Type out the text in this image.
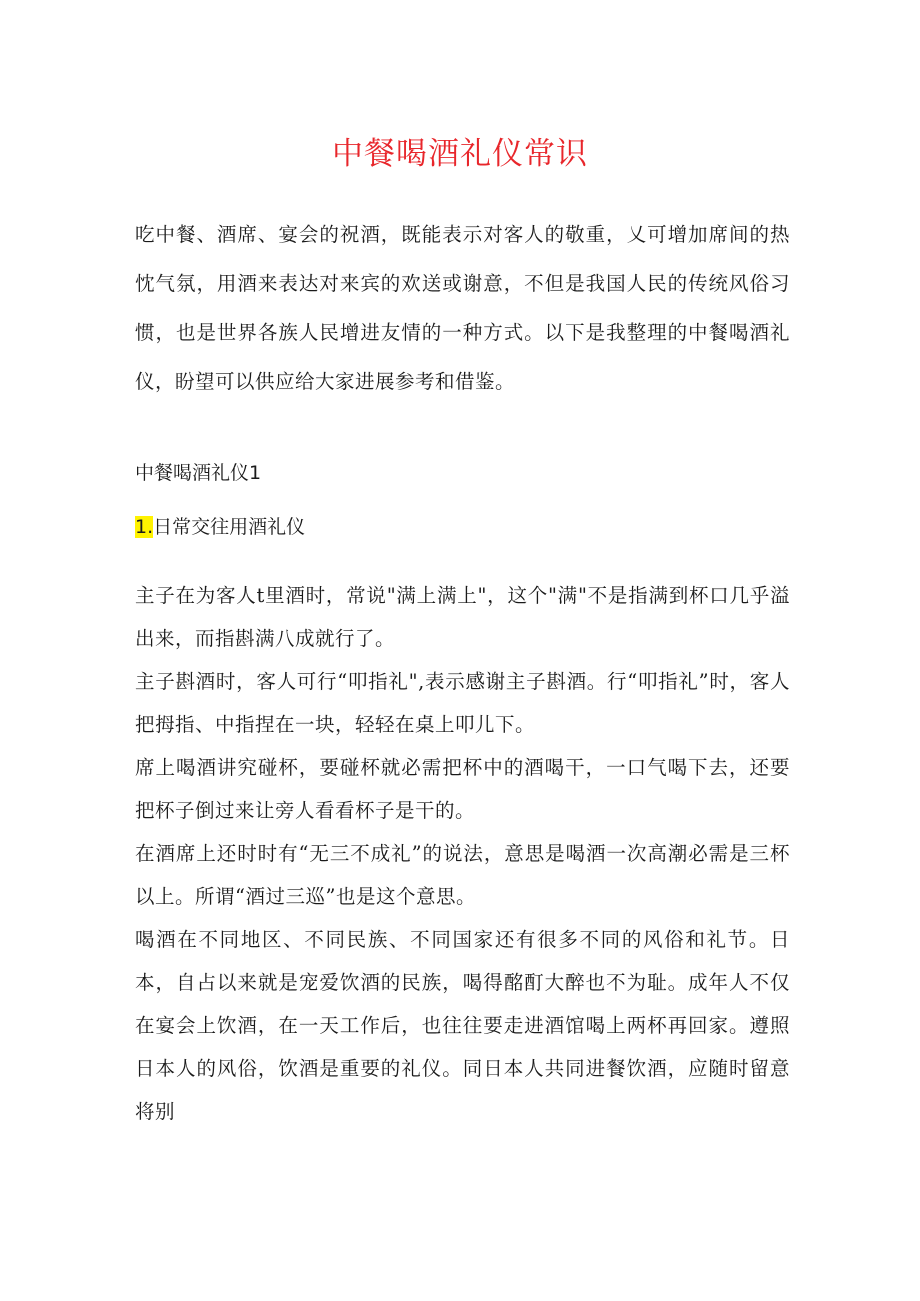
中餐喝酒礼仪常识

吃中餐、酒席、宴会的祝酒，既能表示对客人的敬重，乂可增加席间的热忱气氛，用酒来表达对来宾的欢送或谢意，不但是我国人民的传统风俗习惯，也是世界各族人民增进友情的一种方式。以下是我整理的中餐喝酒礼仪，盼望可以供应给大家进展参考和借鉴。

中餐喝酒礼仪1

1.日常交往用酒礼仪

主子在为客人t里酒时，常说"满上满上"，这个"满"不是指满到杯口几乎溢出来，而指斟满八成就行了。

主子斟酒时，客人可行“叩指礼",表示感谢主子斟酒。行“叩指礼”时，客人把拇指、中指捏在一块，轻轻在桌上叩儿下。

席上喝酒讲究碰杯，要碰杯就必需把杯中的酒喝干，一口气喝下去，还要把杯子倒过来让旁人看看杯子是干的。

在酒席上还时时有“无三不成礼”的说法，意思是喝酒一次高潮必需是三杯以上。所谓“酒过三巡”也是这个意思。

喝酒在不同地区、不同民族、不同国家还有很多不同的风俗和礼节。日本，自占以来就是宠爱饮酒的民族，喝得酩酊大醉也不为耻。成年人不仅在宴会上饮酒，在一天工作后，也往往要走进酒馆喝上两杯再回家。遵照日本人的风俗，饮酒是重要的礼仪。同日本人共同进餐饮酒，应随时留意将别
